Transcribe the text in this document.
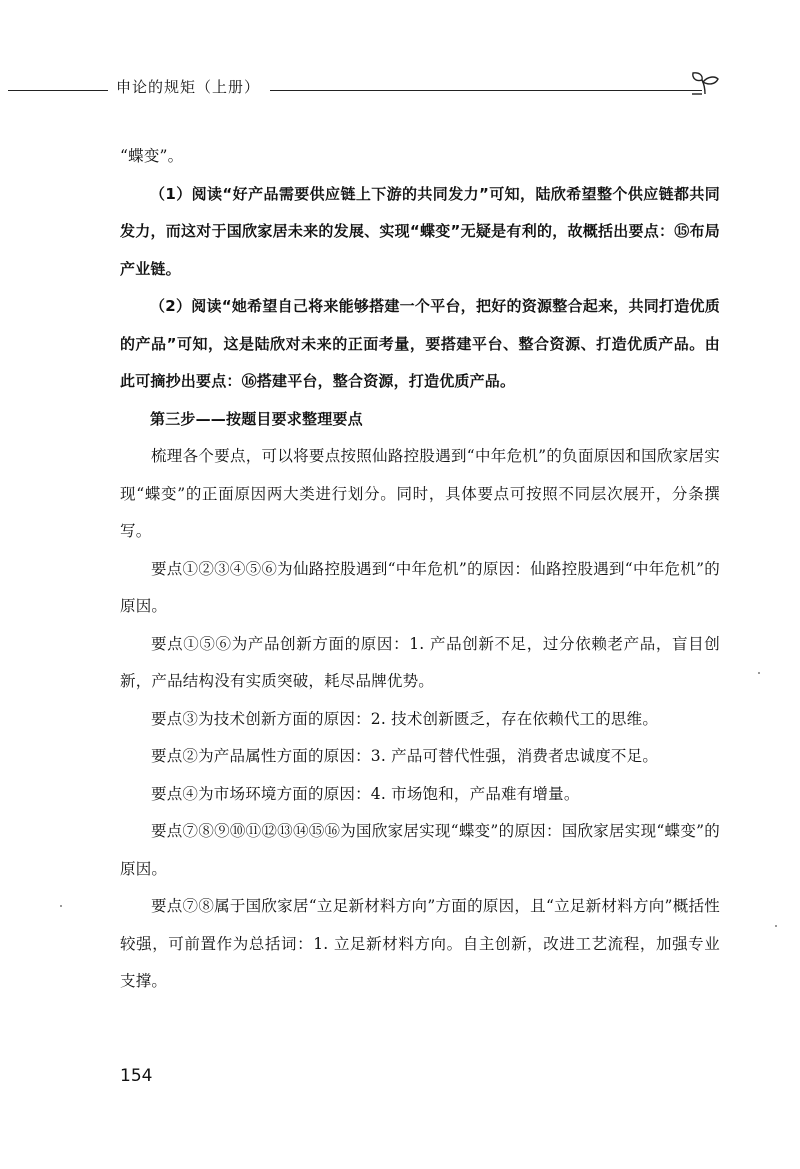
申论的规矩（上册）

“蝶变”。

（1）阅读“好产品需要供应链上下游的共同发力”可知，陆欣希望整个供应链都共同发力，而这对于国欣家居未来的发展、实现“蝶变”无疑是有利的，故概括出要点：⑮布局产业链。

（2）阅读“她希望自己将来能够搭建一个平台，把好的资源整合起来，共同打造优质的产品”可知，这是陆欣对未来的正面考量，要搭建平台、整合资源、打造优质产品。由此可摘抄出要点：⑯搭建平台，整合资源，打造优质产品。

第三步——按题目要求整理要点

梳理各个要点，可以将要点按照仙路控股遇到“中年危机”的负面原因和国欣家居实现“蝶变”的正面原因两大类进行划分。同时，具体要点可按照不同层次展开，分条撰写。

要点①②③④⑤⑥为仙路控股遇到“中年危机”的原因：仙路控股遇到“中年危机”的原因。

要点①⑤⑥为产品创新方面的原因：1. 产品创新不足，过分依赖老产品，盲目创新，产品结构没有实质突破，耗尽品牌优势。

要点③为技术创新方面的原因：2. 技术创新匮乏，存在依赖代工的思维。

要点②为产品属性方面的原因：3. 产品可替代性强，消费者忠诚度不足。

要点④为市场环境方面的原因：4. 市场饱和，产品难有增量。

要点⑦⑧⑨⑩⑪⑫⑬⑭⑮⑯为国欣家居实现“蝶变”的原因：国欣家居实现“蝶变”的原因。

要点⑦⑧属于国欣家居“立足新材料方向”方面的原因，且“立足新材料方向”概括性较强，可前置作为总括词：1. 立足新材料方向。自主创新，改进工艺流程，加强专业支撑。

154
